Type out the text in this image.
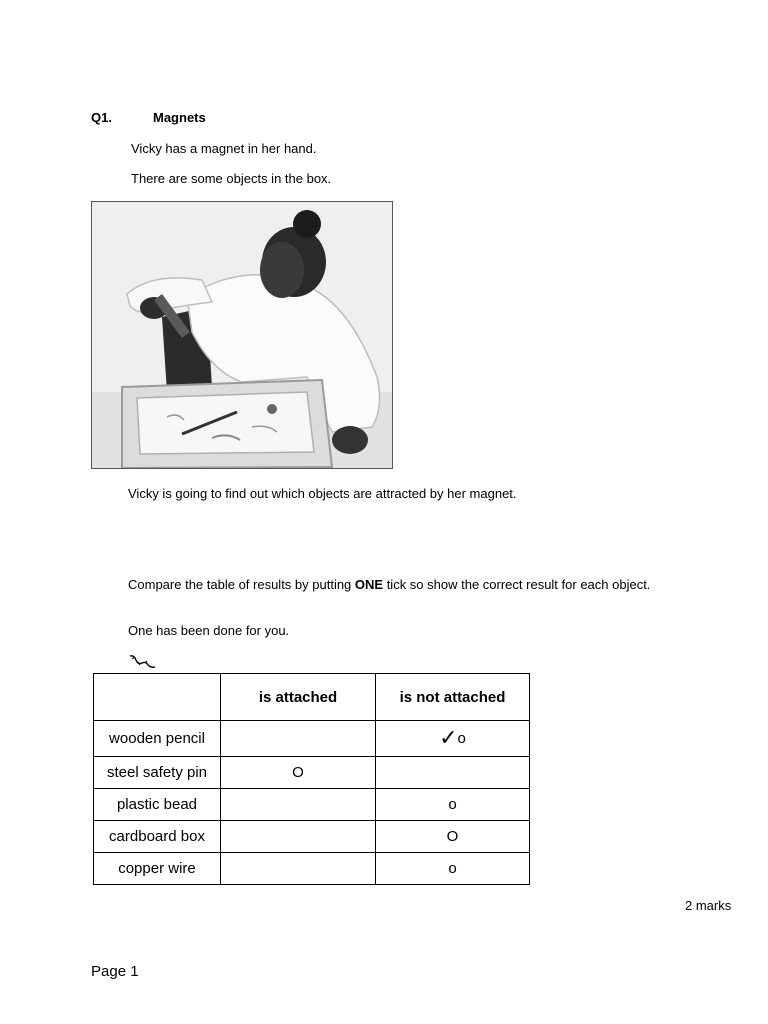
Q1.	Magnets
Vicky has a magnet in her hand.
There are some objects in the box.
Vicky is going to find out which objects are attracted by her magnet.
Compare the table of results by putting ONE tick so show the correct result for each object.
One has been done for you.
	is attached	is not attached
wooden pencil		✓o
steel safety pin	O	
plastic bead		o
cardboard box		O
copper wire		o
2 marks
Page 1
